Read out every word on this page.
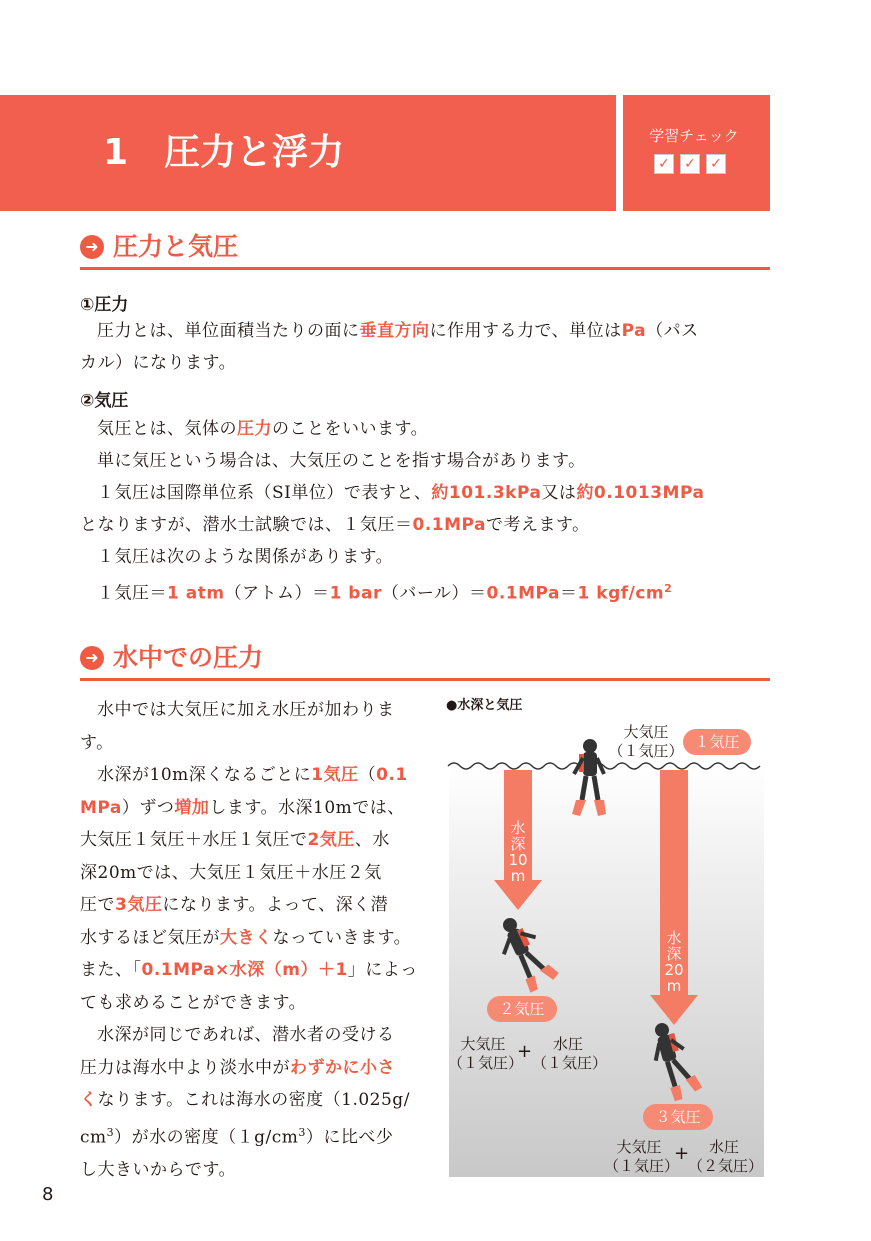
1 圧力と浮力	学習チェック
✓ ✓ ✓
➜ 圧力と気圧
①圧力
圧力とは、単位面積当たりの面に垂直方向に作用する力で、単位はPa（パス
カル）になります。
②気圧
気圧とは、気体の圧力のことをいいます。
単に気圧という場合は、大気圧のことを指す場合があります。
１気圧は国際単位系（SI単位）で表すと、約101.3kPa又は約0.1013MPa
となりますが、潜水士試験では、１気圧＝0.1MPaで考えます。
１気圧は次のような関係があります。
１気圧＝1 atm（アトム）＝1 bar（バール）＝0.1MPa＝1 kgf/$cm^2$
➜ 水中での圧力
水中では大気圧に加え水圧が加わりま
す。
水深が10m深くなるごとに1気圧（0.1
MPa）ずつ増加します。水深10mでは、
大気圧１気圧＋水圧１気圧で2気圧、水
深20mでは、大気圧１気圧＋水圧２気
圧で3気圧になります。よって、深く潜
水するほど気圧が大きくなっていきます。
また、「0.1MPa×水深（m）＋1」によっ
ても求めることができます。
水深が同じであれば、潜水者の受ける
圧力は海水中より淡水中がわずかに小さ
くなります。これは海水の密度（1.025g/
$cm^3$）が水の密度$(1g/cm^3)$に比べ少
し大きいからです。
●水深と気圧
大気圧
（１気圧） １気圧
水
深
10
m
水
深
20
m
２気圧
大気圧
（１気圧）
+	水圧
（１気圧）
３気圧
大気圧
（１気圧）
+	水圧
（２気圧）
8
